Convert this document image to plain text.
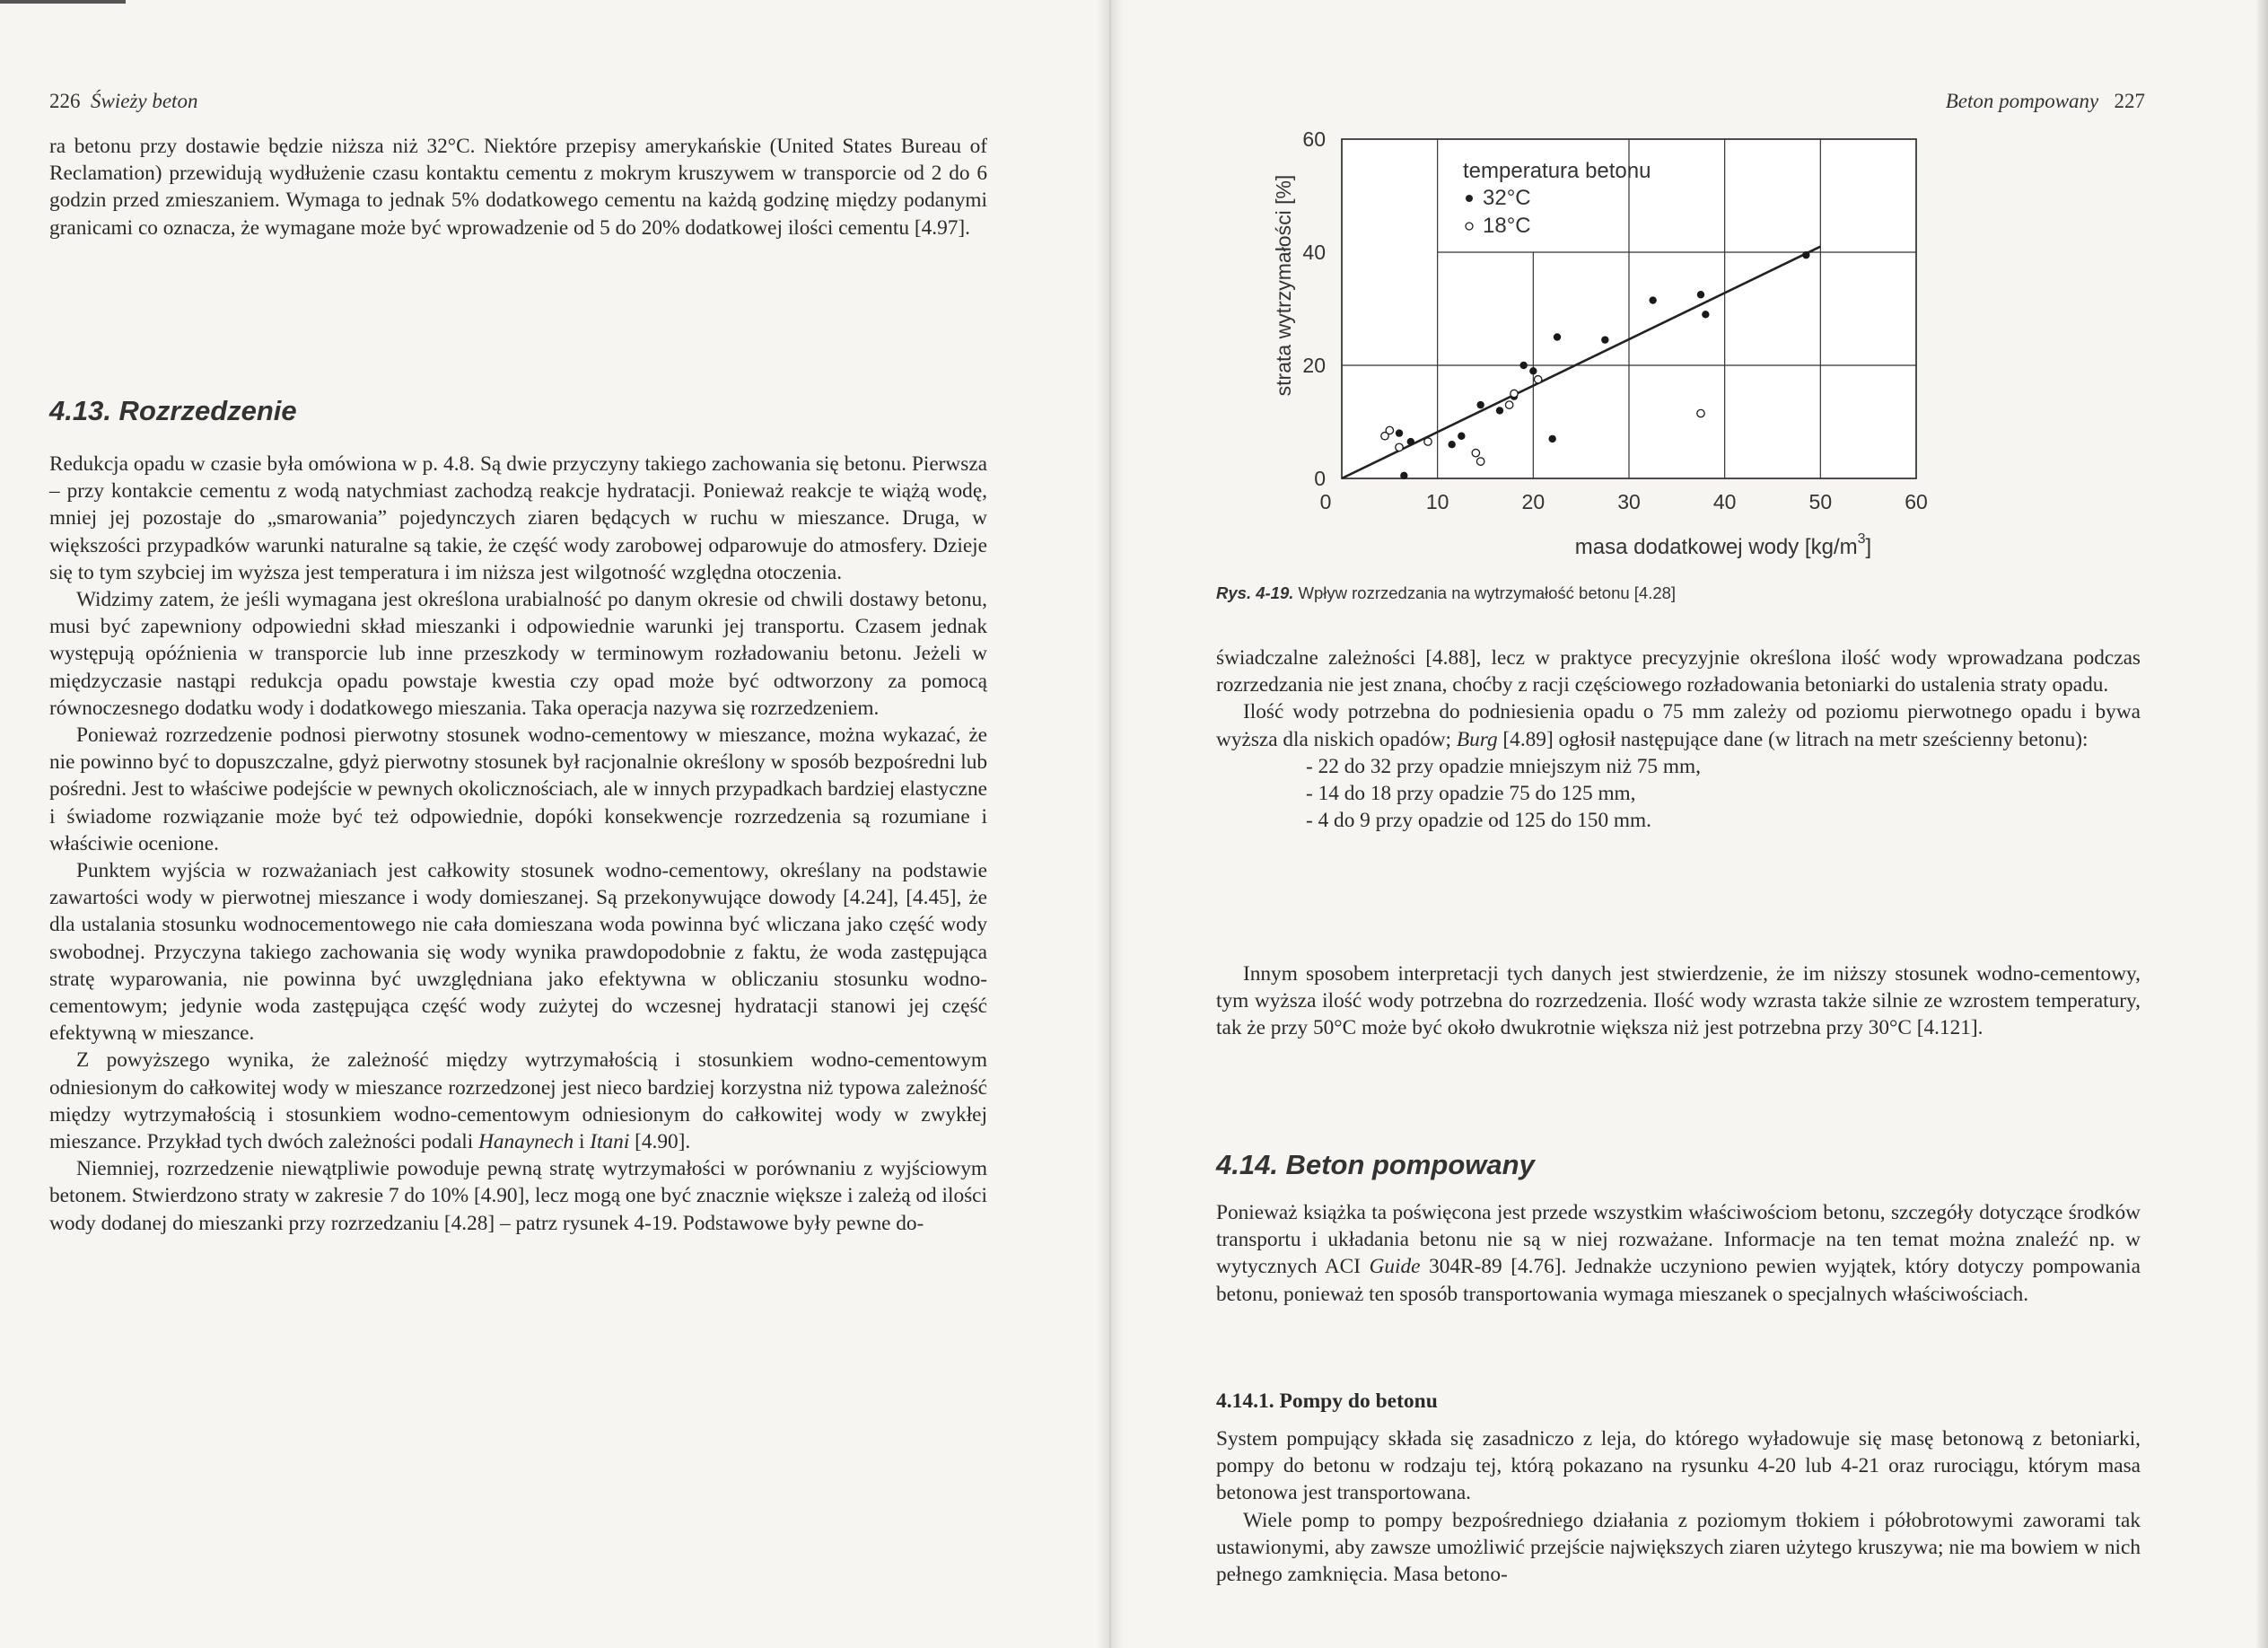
226 Świeży beton

ra betonu przy dostawie będzie niższa niż 32°C. Niektóre przepisy amerykańskie (United States Bureau of Reclamation) przewidują wydłużenie czasu kontaktu cementu z mokrym kruszywem w transporcie od 2 do 6 godzin przed zmieszaniem. Wymaga to jednak 5% dodatkowego cementu na każdą godzinę między podanymi granicami co oznacza, że wymagane może być wprowadzenie od 5 do 20% dodatkowej ilości cementu [4.97].

4.13. Rozrzedzenie

Redukcja opadu w czasie była omówiona w p. 4.8. Są dwie przyczyny takiego zachowania się betonu. Pierwsza – przy kontakcie cementu z wodą natychmiast zachodzą reakcje hydratacji. Ponieważ reakcje te wiążą wodę, mniej jej pozostaje do „smarowania” pojedynczych ziaren będących w ruchu w mieszance. Druga, w większości przypadków warunki naturalne są takie, że część wody zarobowej odparowuje do atmosfery. Dzieje się to tym szybciej im wyższa jest temperatura i im niższa jest wilgotność względna otoczenia.

Widzimy zatem, że jeśli wymagana jest określona urabialność po danym okresie od chwili dostawy betonu, musi być zapewniony odpowiedni skład mieszanki i odpowiednie warunki jej transportu. Czasem jednak występują opóźnienia w transporcie lub inne przeszkody w terminowym rozładowaniu betonu. Jeżeli w międzyczasie nastąpi redukcja opadu powstaje kwestia czy opad może być odtworzony za pomocą równoczesnego dodatku wody i dodatkowego mieszania. Taka operacja nazywa się rozrzedzeniem.

Ponieważ rozrzedzenie podnosi pierwotny stosunek wodno-cementowy w mieszance, można wykazać, że nie powinno być to dopuszczalne, gdyż pierwotny stosunek był racjonalnie określony w sposób bezpośredni lub pośredni. Jest to właściwe podejście w pewnych okolicznościach, ale w innych przypadkach bardziej elastyczne i świadome rozwiązanie może być też odpowiednie, dopóki konsekwencje rozrzedzenia są rozumiane i właściwie ocenione.

Punktem wyjścia w rozważaniach jest całkowity stosunek wodno-cementowy, określany na podstawie zawartości wody w pierwotnej mieszance i wody domieszanej. Są przekonywujące dowody [4.24], [4.45], że dla ustalania stosunku wodnocementowego nie cała domieszana woda powinna być wliczana jako część wody swobodnej. Przyczyna takiego zachowania się wody wynika prawdopodobnie z faktu, że woda zastępująca stratę wyparowania, nie powinna być uwzględniana jako efektywna w obliczaniu stosunku wodno-cementowym; jedynie woda zastępująca część wody zużytej do wczesnej hydratacji stanowi jej część efektywną w mieszance.

Z powyższego wynika, że zależność między wytrzymałością i stosunkiem wodno-cementowym odniesionym do całkowitej wody w mieszance rozrzedzonej jest nieco bardziej korzystna niż typowa zależność między wytrzymałością i stosunkiem wodno-cementowym odniesionym do całkowitej wody w zwykłej mieszance. Przykład tych dwóch zależności podali Hanaynech i Itani [4.90].

Niemniej, rozrzedzenie niewątpliwie powoduje pewną stratę wytrzymałości w porównaniu z wyjściowym betonem. Stwierdzono straty w zakresie 7 do 10% [4.90], lecz mogą one być znacznie większe i zależą od ilości wody dodanej do mieszanki przy rozrzedzaniu [4.28] – patrz rysunek 4-19. Podstawowe były pewne do-

Beton pompowany 227
strata wytrzymałości [%]
temperatura betonu
32°C
18°C
0
20
40
60
0	10	20	30	40	50	60
masa dodatkowej wody $[kg/m^3]$
Rys. 4-19. Wpływ rozrzedzania na wytrzymałość betonu [4.28]

świadczalne zależności [4.88], lecz w praktyce precyzyjnie określona ilość wody wprowadzana podczas rozrzedzania nie jest znana, choćby z racji częściowego rozładowania betoniarki do ustalenia straty opadu.

Ilość wody potrzebna do podniesienia opadu o 75 mm zależy od poziomu pierwotnego opadu i bywa wyższa dla niskich opadów; Burg [4.89] ogłosił następujące dane (w litrach na metr sześcienny betonu):

- 22 do 32 przy opadzie mniejszym niż 75 mm,
- 14 do 18 przy opadzie 75 do 125 mm,
- 4 do 9 przy opadzie od 125 do 150 mm.

Innym sposobem interpretacji tych danych jest stwierdzenie, że im niższy stosunek wodno-cementowy, tym wyższa ilość wody potrzebna do rozrzedzenia. Ilość wody wzrasta także silnie ze wzrostem temperatury, tak że przy 50°C może być około dwukrotnie większa niż jest potrzebna przy 30°C [4.121].

4.14. Beton pompowany

Ponieważ książka ta poświęcona jest przede wszystkim właściwościom betonu, szczegóły dotyczące środków transportu i układania betonu nie są w niej rozważane. Informacje na ten temat można znaleźć np. w wytycznych ACI Guide 304R-89 [4.76]. Jednakże uczyniono pewien wyjątek, który dotyczy pompowania betonu, ponieważ ten sposób transportowania wymaga mieszanek o specjalnych właściwościach.

4.14.1. Pompy do betonu

System pompujący składa się zasadniczo z leja, do którego wyładowuje się masę betonową z betoniarki, pompy do betonu w rodzaju tej, którą pokazano na rysunku 4-20 lub 4-21 oraz rurociągu, którym masa betonowa jest transportowana.

Wiele pomp to pompy bezpośredniego działania z poziomym tłokiem i półobrotowymi zaworami tak ustawionymi, aby zawsze umożliwić przejście największych ziaren użytego kruszywa; nie ma bowiem w nich pełnego zamknięcia. Masa betono-
